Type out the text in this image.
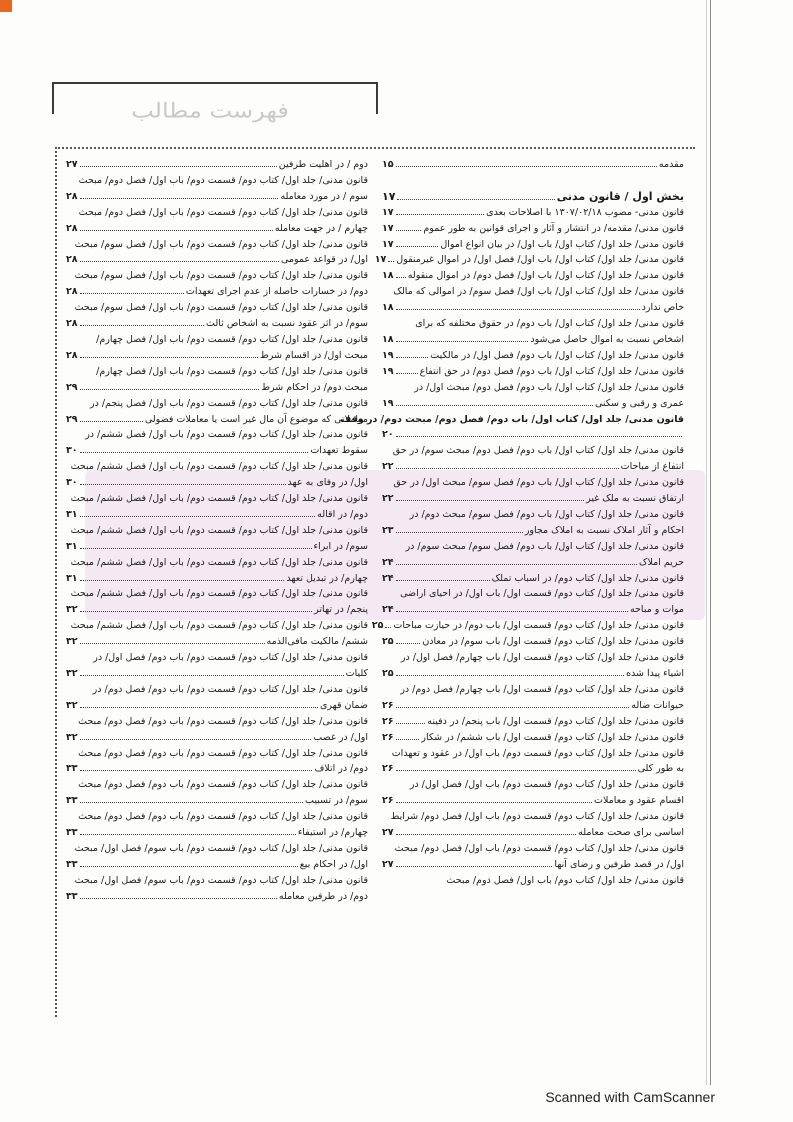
فهرست مطالب
مقدمه
۱۵

بخش اول / قانون مدنی
۱۷
قانون مدنی- مصوب ۱۳۰۷/۰۲/۱۸ با اصلاحات بعدی
۱۷
قانون مدنی/ مقدمه/ در انتشار و آثار و اجرای قوانین به طور عموم
۱۷
قانون مدنی/ جلد اول/ کتاب اول/ باب اول/ در بیان انواع اموال
۱۷
قانون مدنی/ جلد اول/ کتاب اول/ باب اول/ فصل اول/ در اموال غیرمنقول
۱۷
قانون مدنی/ جلد اول/ کتاب اول/ باب اول/ فصل دوم/ در اموال منقوله
۱۸
قانون مدنی/ جلد اول/ کتاب اول/ باب اول/ فصل سوم/ در اموالی که مالک
خاص ندارد
۱۸
قانون مدنی/ جلد اول/ کتاب اول/ باب دوم/ در حقوق مختلفه که برای
اشخاص نسبت به اموال حاصل می‌شود
۱۸
قانون مدنی/ جلد اول/ کتاب اول/ باب دوم/ فصل اول/ در مالکیت
۱۹
قانون مدنی/ جلد اول/ کتاب اول/ باب دوم/ فصل دوم/ در حق انتفاع
۱۹
قانون مدنی/ جلد اول/ کتاب اول/ باب دوم/ فصل دوم/ مبحث اول/ در
عمری و رقبی و سکنی
۱۹
قانون مدنی/ جلد اول/ کتاب اول/ باب دوم/ فصل دوم/ مبحث دوم/ در وقف
۲۰
قانون مدنی/ جلد اول/ کتاب اول/ باب دوم/ فصل دوم/ مبحث سوم/ در حق
انتفاع از مباحات
۲۲
قانون مدنی/ جلد اول/ کتاب اول/ باب دوم/ فصل سوم/ مبحث اول/ در حق
ارتفاق نسبت به ملک غیر
۲۲
قانون مدنی/ جلد اول/ کتاب اول/ باب دوم/ فصل سوم/ مبحث دوم/ در
احکام و آثار املاک نسبت به املاک مجاور
۲۳
قانون مدنی/ جلد اول/ کتاب اول/ باب دوم/ فصل سوم/ مبحث سوم/ در
حریم املاک
۲۴
قانون مدنی/ جلد اول/ کتاب دوم/ در اسباب تملک
۲۴
قانون مدنی/ جلد اول/ کتاب دوم/ قسمت اول/ باب اول/ در احیای اراضی
موات و مباحه
۲۴
قانون مدنی/ جلد اول/ کتاب دوم/ قسمت اول/ باب دوم/ در حیازت مباحات
۲۵
قانون مدنی/ جلد اول/ کتاب دوم/ قسمت اول/ باب سوم/ در معادن
۲۵
قانون مدنی/ جلد اول/ کتاب دوم/ قسمت اول/ باب چهارم/ فصل اول/ در
اشیاء پیدا شده
۲۵
قانون مدنی/ جلد اول/ کتاب دوم/ قسمت اول/ باب چهارم/ فصل دوم/ در
حیوانات ضاله
۲۶
قانون مدنی/ جلد اول/ کتاب دوم/ قسمت اول/ باب پنجم/ در دفینه
۲۶
قانون مدنی/ جلد اول/ کتاب دوم/ قسمت اول/ باب ششم/ در شکار
۲۶
قانون مدنی/ جلد اول/ کتاب دوم/ قسمت دوم/ باب اول/ در عقود و تعهدات
به طور کلی
۲۶
قانون مدنی/ جلد اول/ کتاب دوم/ قسمت دوم/ باب اول/ فصل اول/ در
اقسام عقود و معاملات
۲۶
قانون مدنی/ جلد اول/ کتاب دوم/ قسمت دوم/ باب اول/ فصل دوم/ شرایط
اساسی برای صحت معامله
۲۷
قانون مدنی/ جلد اول/ کتاب دوم/ قسمت دوم/ باب اول/ فصل دوم/ مبحث
اول/ در قصد طرفین و رضای آنها
۲۷
قانون مدنی/ جلد اول/ کتاب دوم/ باب اول/ فصل دوم/ مبحث
دوم / در اهلیت طرفین
۲۷
قانون مدنی/ جلد اول/ کتاب دوم/ قسمت دوم/ باب اول/ فصل دوم/ مبحث
سوم / در مورد معامله
۲۸
قانون مدنی/ جلد اول/ کتاب دوم/ قسمت دوم/ باب اول/ فصل دوم/ مبحث
چهارم / در جهت معامله
۲۸
قانون مدنی/ جلد اول/ کتاب دوم/ قسمت دوم/ باب اول/ فصل سوم/ مبحث
اول/ در قواعد عمومی
۲۸
قانون مدنی/ جلد اول/ کتاب دوم/ قسمت دوم/ باب اول/ فصل سوم/ مبحث
دوم/ در خسارات حاصله از عدم اجرای تعهدات
۲۸
قانون مدنی/ جلد اول/ کتاب دوم/ قسمت دوم/ باب اول/ فصل سوم/ مبحث
سوم/ در اثر عقود نسبت به اشخاص ثالث
۲۸
قانون مدنی/ جلد اول/ کتاب دوم/ قسمت دوم/ باب اول/ فصل چهارم/
مبحث اول/ در اقسام شرط
۲۸
قانون مدنی/ جلد اول/ کتاب دوم/ قسمت دوم/ باب اول/ فصل چهارم/
مبحث دوم/ در احکام شرط
۲۹
قانون مدنی/ جلد اول/ کتاب دوم/ قسمت دوم/ باب اول/ فصل پنجم/ در
معاملاتی که موضوع آن مال غیر است یا معاملات فضولی
۲۹
قانون مدنی/ جلد اول/ کتاب دوم/ قسمت دوم/ باب اول/ فصل ششم/ در
سقوط تعهدات
۳۰
قانون مدنی/ جلد اول/ کتاب دوم/ قسمت دوم/ باب اول/ فصل ششم/ مبحث
اول/ در وفای به عهد
۳۰
قانون مدنی/ جلد اول/ کتاب دوم/ قسمت دوم/ باب اول/ فصل ششم/ مبحث
دوم/ در اقاله
۳۱
قانون مدنی/ جلد اول/ کتاب دوم/ قسمت دوم/ باب اول/ فصل ششم/ مبحث
سوم/ در ابراء
۳۱
قانون مدنی/ جلد اول/ کتاب دوم/ قسمت دوم/ باب اول/ فصل ششم/ مبحث
چهارم/ در تبدیل تعهد
۳۱
قانون مدنی/ جلد اول/ کتاب دوم/ قسمت دوم/ باب اول/ فصل ششم/ مبحث
پنجم/ در تهاتر
۳۲
قانون مدنی/ جلد اول/ کتاب دوم/ قسمت دوم/ باب اول/ فصل ششم/ مبحث
ششم/ مالکیت مافی‌الذمه
۳۲
قانون مدنی/ جلد اول/ کتاب دوم/ قسمت دوم/ باب دوم/ فصل اول/ در
کلیات
۳۲
قانون مدنی/ جلد اول/ کتاب دوم/ قسمت دوم/ باب دوم/ فصل دوم/ در
ضمان قهری
۳۲
قانون مدنی/ جلد اول/ کتاب دوم/ قسمت دوم/ باب دوم/ فصل دوم/ مبحث
اول/ در غصب
۳۲
قانون مدنی/ جلد اول/ کتاب دوم/ قسمت دوم/ باب دوم/ فصل دوم/ مبحث
دوم/ در اتلاف
۳۳
قانون مدنی/ جلد اول/ کتاب دوم/ قسمت دوم/ باب دوم/ فصل دوم/ مبحث
سوم/ در تسبیب
۳۳
قانون مدنی/ جلد اول/ کتاب دوم/ قسمت دوم/ باب دوم/ فصل دوم/ مبحث
چهارم/ در استیفاء
۳۳
قانون مدنی/ جلد اول/ کتاب دوم/ قسمت دوم/ باب سوم/ فصل اول/ مبحث
اول/ در احکام بیع
۳۳
قانون مدنی/ جلد اول/ کتاب دوم/ قسمت دوم/ باب سوم/ فصل اول/ مبحث
دوم/ در طرفین معامله
۳۳
Scanned with CamScanner
